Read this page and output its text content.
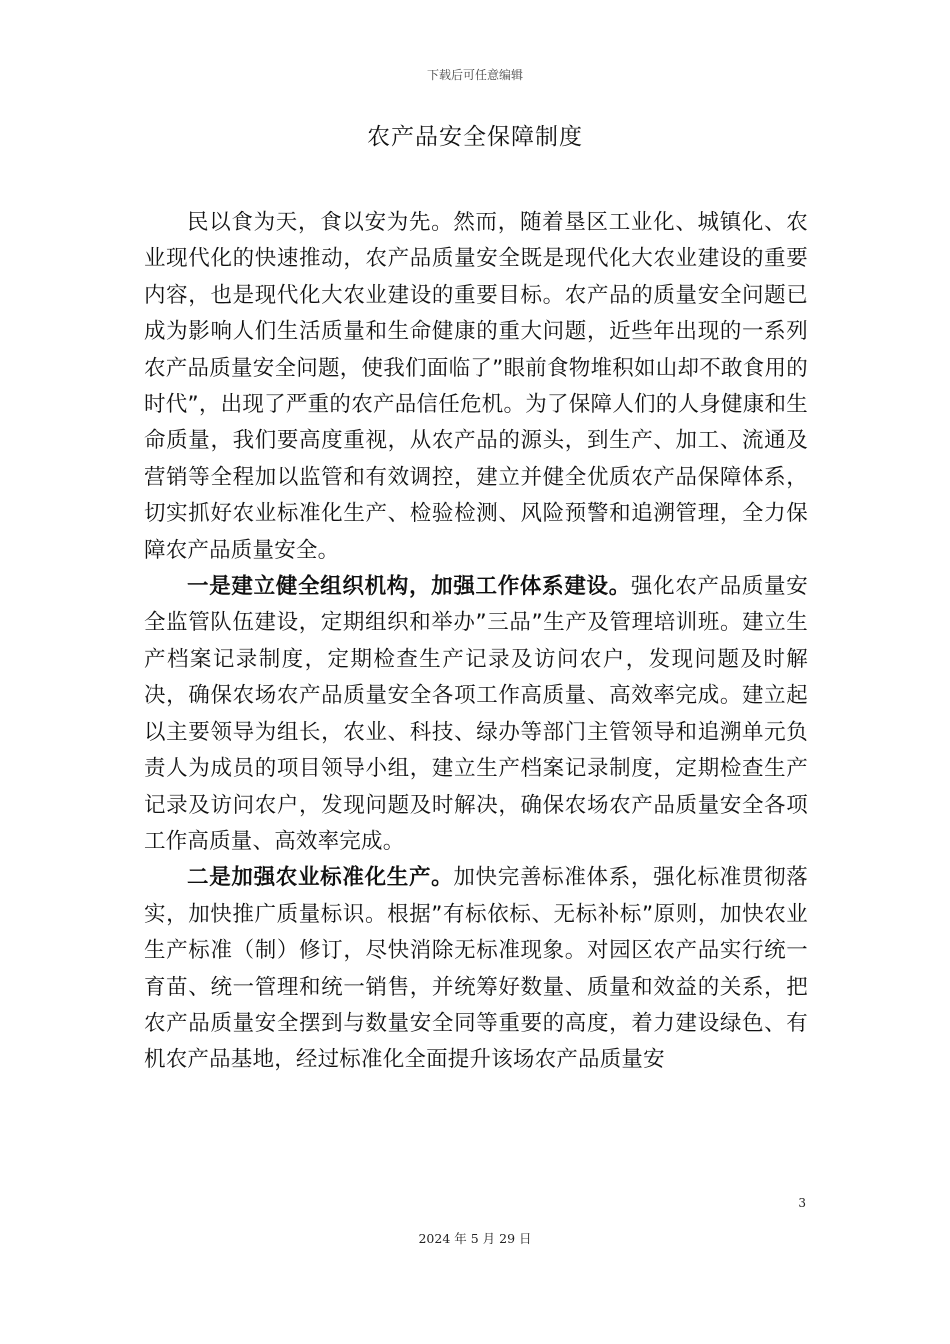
下载后可任意编辑
农产品安全保障制度

民以食为天，食以安为先。然而，随着垦区工业化、城镇化、农业现代化的快速推动，农产品质量安全既是现代化大农业建设的重要内容，也是现代化大农业建设的重要目标。农产品的质量安全问题已成为影响人们生活质量和生命健康的重大问题，近些年出现的一系列农产品质量安全问题，使我们面临了”眼前食物堆积如山却不敢食用的时代”，出现了严重的农产品信任危机。为了保障人们的人身健康和生命质量，我们要高度重视，从农产品的源头，到生产、加工、流通及营销等全程加以监管和有效调控，建立并健全优质农产品保障体系，切实抓好农业标准化生产、检验检测、风险预警和追溯管理，全力保障农产品质量安全。

一是建立健全组织机构，加强工作体系建设。强化农产品质量安全监管队伍建设，定期组织和举办”三品”生产及管理培训班。建立生产档案记录制度，定期检查生产记录及访问农户，发现问题及时解决，确保农场农产品质量安全各项工作高质量、高效率完成。建立起以主要领导为组长，农业、科技、绿办等部门主管领导和追溯单元负责人为成员的项目领导小组，建立生产档案记录制度，定期检查生产记录及访问农户，发现问题及时解决，确保农场农产品质量安全各项工作高质量、高效率完成。

二是加强农业标准化生产。加快完善标准体系，强化标准贯彻落实，加快推广质量标识。根据”有标依标、无标补标”原则，加快农业生产标准（制）修订，尽快消除无标准现象。对园区农产品实行统一育苗、统一管理和统一销售，并统筹好数量、质量和效益的关系，把农产品质量安全摆到与数量安全同等重要的高度，着力建设绿色、有机农产品基地，经过标准化全面提升该场农产品质量安

3
2024 年 5 月 29 日
